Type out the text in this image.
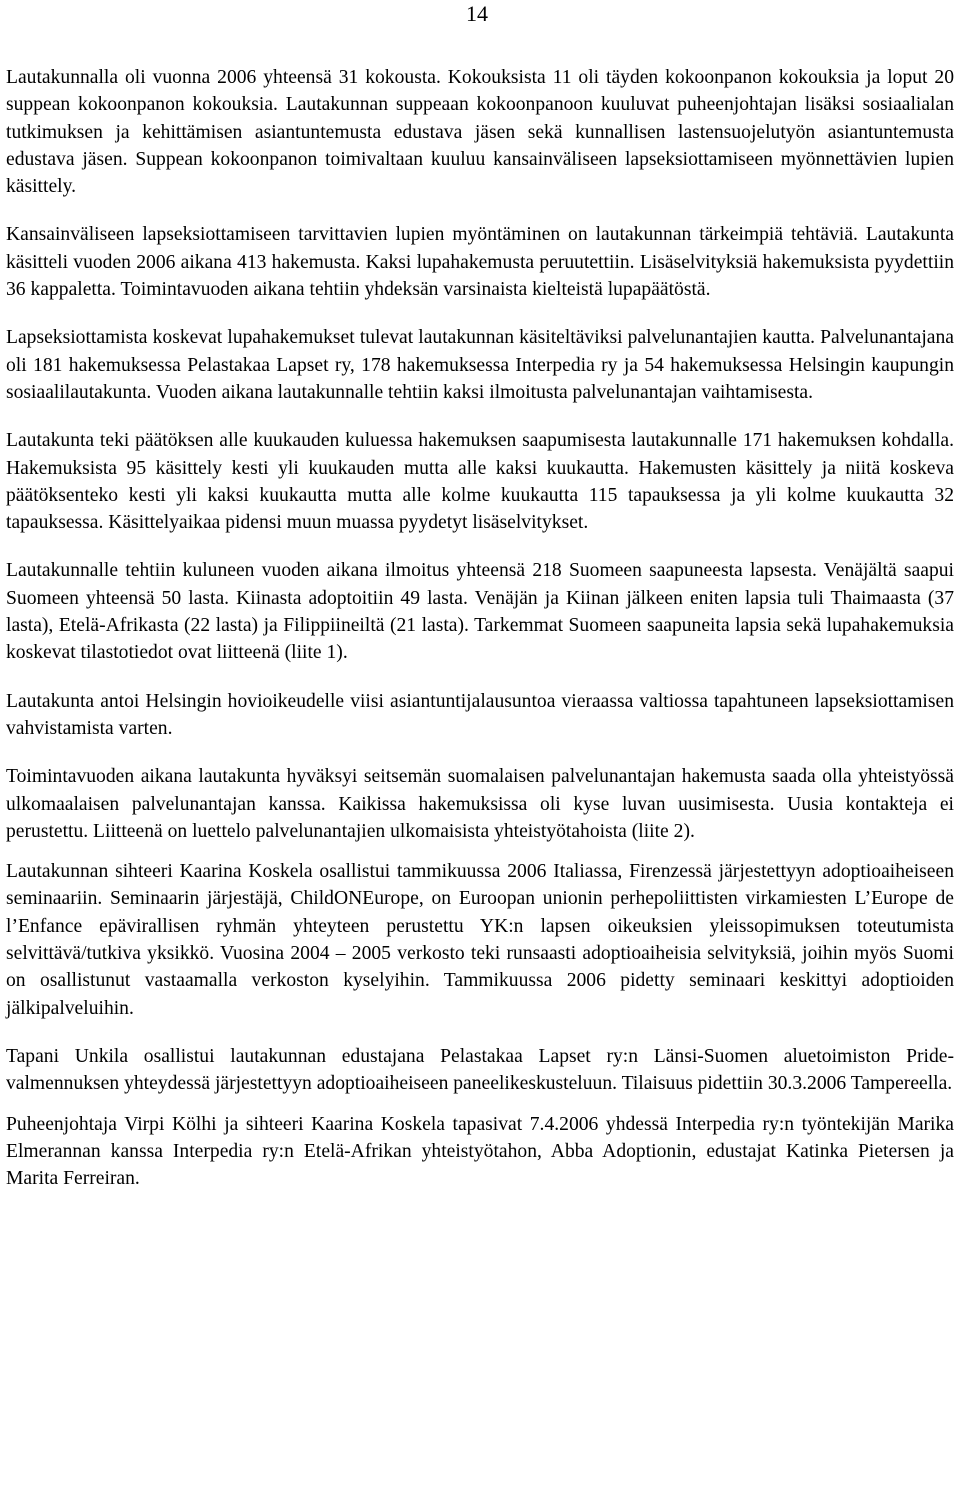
14

Lautakunnalla oli vuonna 2006 yhteensä 31 kokousta. Kokouksista 11 oli täyden kokoonpanon kokouksia ja loput 20 suppean kokoonpanon kokouksia. Lautakunnan suppeaan kokoonpanoon kuuluvat puheenjohtajan lisäksi sosiaalialan tutkimuksen ja kehittämisen asiantuntemusta edustava jäsen sekä kunnallisen lastensuojelutyön asiantuntemusta edustava jäsen. Suppean kokoonpanon toimivaltaan kuuluu kansainväliseen lapseksiottamiseen myönnettävien lupien käsittely.

Kansainväliseen lapseksiottamiseen tarvittavien lupien myöntäminen on lautakunnan tärkeimpiä tehtäviä. Lautakunta käsitteli vuoden 2006 aikana 413 hakemusta. Kaksi lupahakemusta peruutettiin. Lisäselvityksiä hakemuksista pyydettiin 36 kappaletta. Toimintavuoden aikana tehtiin yhdeksän varsinaista kielteistä lupapäätöstä.

Lapseksiottamista koskevat lupahakemukset tulevat lautakunnan käsiteltäviksi palvelunantajien kautta. Palvelunantajana oli 181 hakemuksessa Pelastakaa Lapset ry, 178 hakemuksessa Interpedia ry ja 54 hakemuksessa Helsingin kaupungin sosiaalilautakunta. Vuoden aikana lautakunnalle tehtiin kaksi ilmoitusta palvelunantajan vaihtamisesta.

Lautakunta teki päätöksen alle kuukauden kuluessa hakemuksen saapumisesta lautakunnalle 171 hakemuksen kohdalla. Hakemuksista 95 käsittely kesti yli kuukauden mutta alle kaksi kuukautta. Hakemusten käsittely ja niitä koskeva päätöksenteko kesti yli kaksi kuukautta mutta alle kolme kuukautta 115 tapauksessa ja yli kolme kuukautta 32 tapauksessa. Käsittelyaikaa pidensi muun muassa pyydetyt lisäselvitykset.

Lautakunnalle tehtiin kuluneen vuoden aikana ilmoitus yhteensä 218 Suomeen saapuneesta lapsesta. Venäjältä saapui Suomeen yhteensä 50 lasta. Kiinasta adoptoitiin 49 lasta. Venäjän ja Kiinan jälkeen eniten lapsia tuli Thaimaasta (37 lasta), Etelä-Afrikasta (22 lasta) ja Filippiineiltä (21 lasta). Tarkemmat Suomeen saapuneita lapsia sekä lupahakemuksia koskevat tilastotiedot ovat liitteenä (liite 1).

Lautakunta antoi Helsingin hovioikeudelle viisi asiantuntijalausuntoa vieraassa valtiossa tapahtuneen lapseksiottamisen vahvistamista varten.

Toimintavuoden aikana lautakunta hyväksyi seitsemän suomalaisen palvelunantajan hakemusta saada olla yhteistyössä ulkomaalaisen palvelunantajan kanssa. Kaikissa hakemuksissa oli kyse luvan uusimisesta. Uusia kontakteja ei perustettu. Liitteenä on luettelo palvelunantajien ulkomaisista yhteistyötahoista (liite 2).

Lautakunnan sihteeri Kaarina Koskela osallistui tammikuussa 2006 Italiassa, Firenzessä järjestettyyn adoptioaiheiseen seminaariin. Seminaarin järjestäjä, ChildONEurope, on Euroopan unionin perhepoliittisten virkamiesten L’Europe de l’Enfance epävirallisen ryhmän yhteyteen perustettu YK:n lapsen oikeuksien yleissopimuksen toteutumista selvittävä/tutkiva yksikkö. Vuosina 2004 – 2005 verkosto teki runsaasti adoptioaiheisia selvityksiä, joihin myös Suomi on osallistunut vastaamalla verkoston kyselyihin. Tammikuussa 2006 pidetty seminaari keskittyi adoptioiden jälkipalveluihin.

Tapani Unkila osallistui lautakunnan edustajana Pelastakaa Lapset ry:n Länsi-Suomen aluetoimiston Pride-valmennuksen yhteydessä järjestettyyn adoptioaiheiseen paneelikeskusteluun. Tilaisuus pidettiin 30.3.2006 Tampereella.

Puheenjohtaja Virpi Kölhi ja sihteeri Kaarina Koskela tapasivat 7.4.2006 yhdessä Interpedia ry:n työntekijän Marika Elmerannan kanssa Interpedia ry:n Etelä-Afrikan yhteistyötahon, Abba Adoptionin, edustajat Katinka Pietersen ja Marita Ferreiran.
